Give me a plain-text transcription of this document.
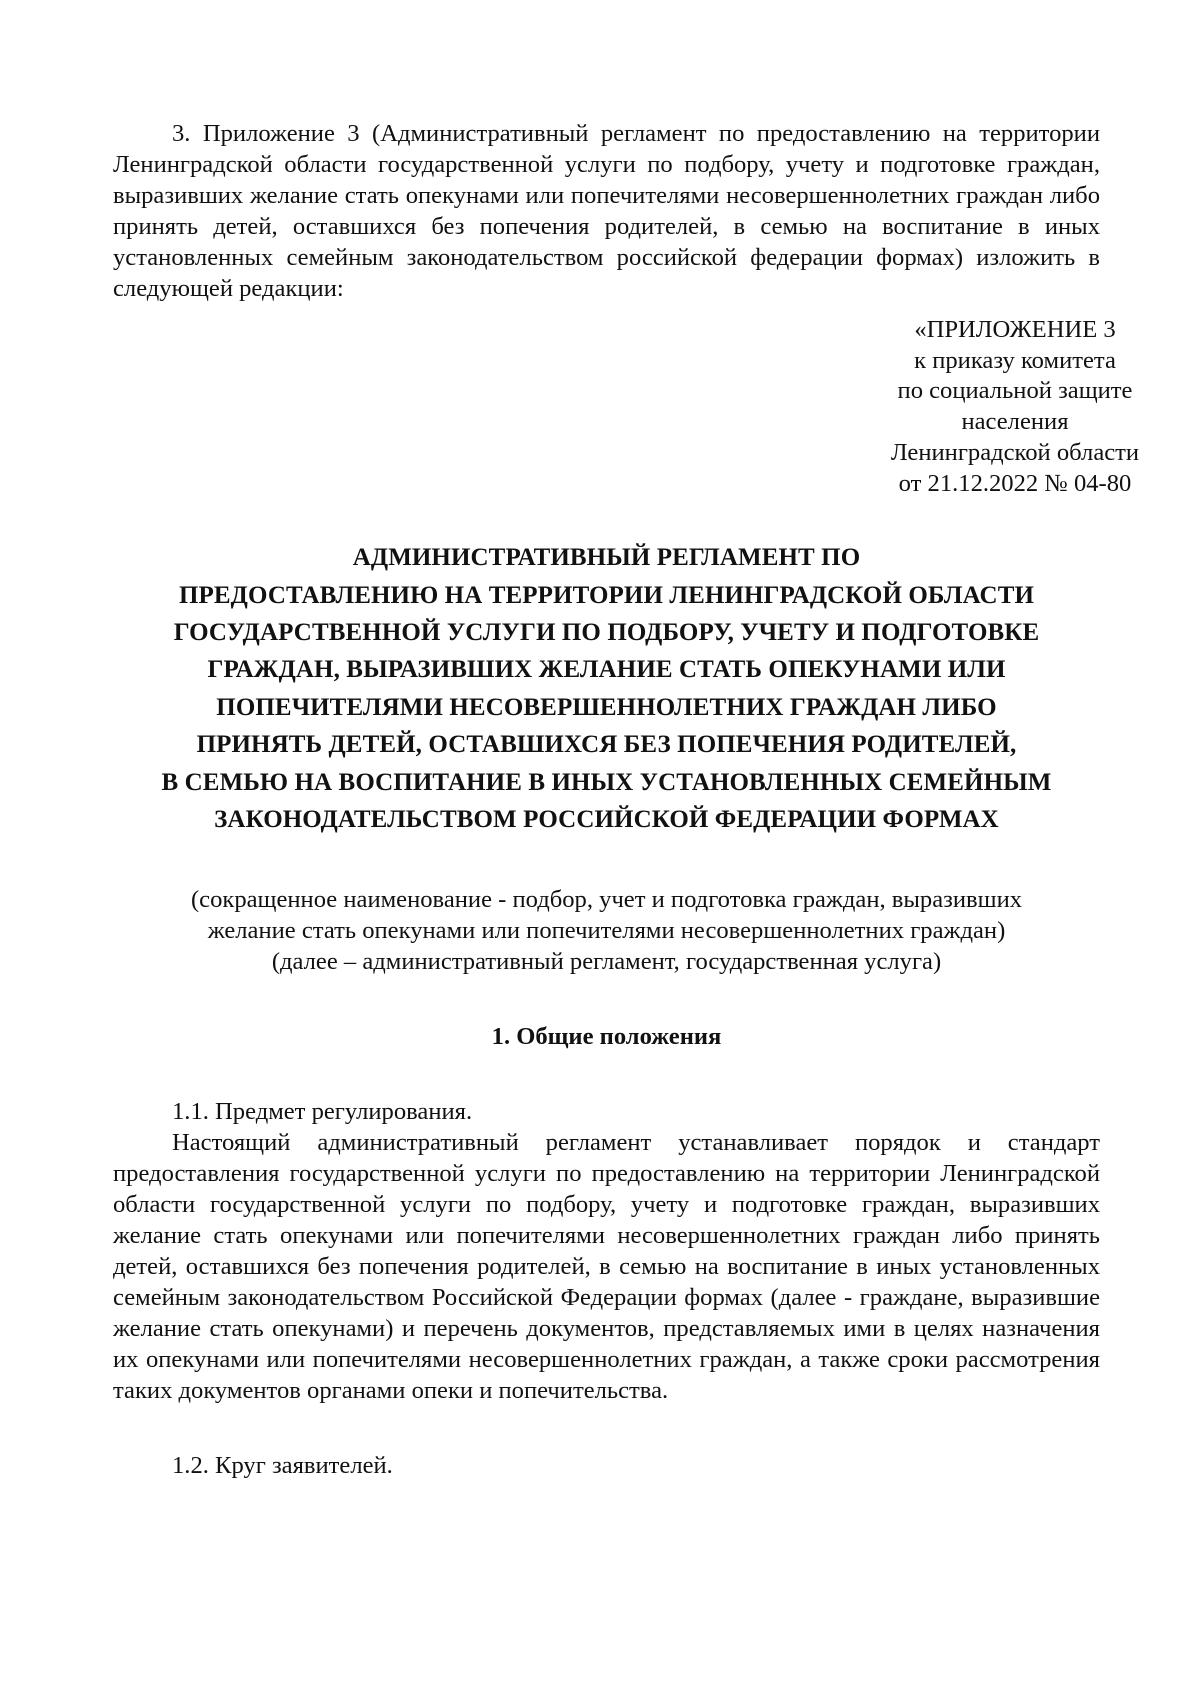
3. Приложение 3 (Административный регламент по предоставлению на территории Ленинградской области государственной услуги по подбору, учету и подготовке граждан, выразивших желание стать опекунами или попечителями несовершеннолетних граждан либо принять детей, оставшихся без попечения родителей, в семью на воспитание в иных установленных семейным законодательством российской федерации формах) изложить в следующей редакции:

«ПРИЛОЖЕНИЕ 3
к приказу комитета
по социальной защите
населения
Ленинградской области
от 21.12.2022 № 04-80
АДМИНИСТРАТИВНЫЙ РЕГЛАМЕНТ ПО
ПРЕДОСТАВЛЕНИЮ НА ТЕРРИТОРИИ ЛЕНИНГРАДСКОЙ ОБЛАСТИ
ГОСУДАРСТВЕННОЙ УСЛУГИ ПО ПОДБОРУ, УЧЕТУ И ПОДГОТОВКЕ
ГРАЖДАН, ВЫРАЗИВШИХ ЖЕЛАНИЕ СТАТЬ ОПЕКУНАМИ ИЛИ
ПОПЕЧИТЕЛЯМИ НЕСОВЕРШЕННОЛЕТНИХ ГРАЖДАН ЛИБО
ПРИНЯТЬ ДЕТЕЙ, ОСТАВШИХСЯ БЕЗ ПОПЕЧЕНИЯ РОДИТЕЛЕЙ,
В СЕМЬЮ НА ВОСПИТАНИЕ В ИНЫХ УСТАНОВЛЕННЫХ СЕМЕЙНЫМ
ЗАКОНОДАТЕЛЬСТВОМ РОССИЙСКОЙ ФЕДЕРАЦИИ ФОРМАХ
(сокращенное наименование - подбор, учет и подготовка граждан, выразивших
желание стать опекунами или попечителями несовершеннолетних граждан)
(далее – административный регламент, государственная услуга)

1. Общие положения

1.1. Предмет регулирования.

Настоящий административный регламент устанавливает порядок и стандарт предоставления государственной услуги по предоставлению на территории Ленинградской области государственной услуги по подбору, учету и подготовке граждан, выразивших желание стать опекунами или попечителями несовершеннолетних граждан либо принять детей, оставшихся без попечения родителей, в семью на воспитание в иных установленных семейным законодательством Российской Федерации формах (далее - граждане, выразившие желание стать опекунами) и перечень документов, представляемых ими в целях назначения их опекунами или попечителями несовершеннолетних граждан, а также сроки рассмотрения таких документов органами опеки и попечительства.

1.2. Круг заявителей.
